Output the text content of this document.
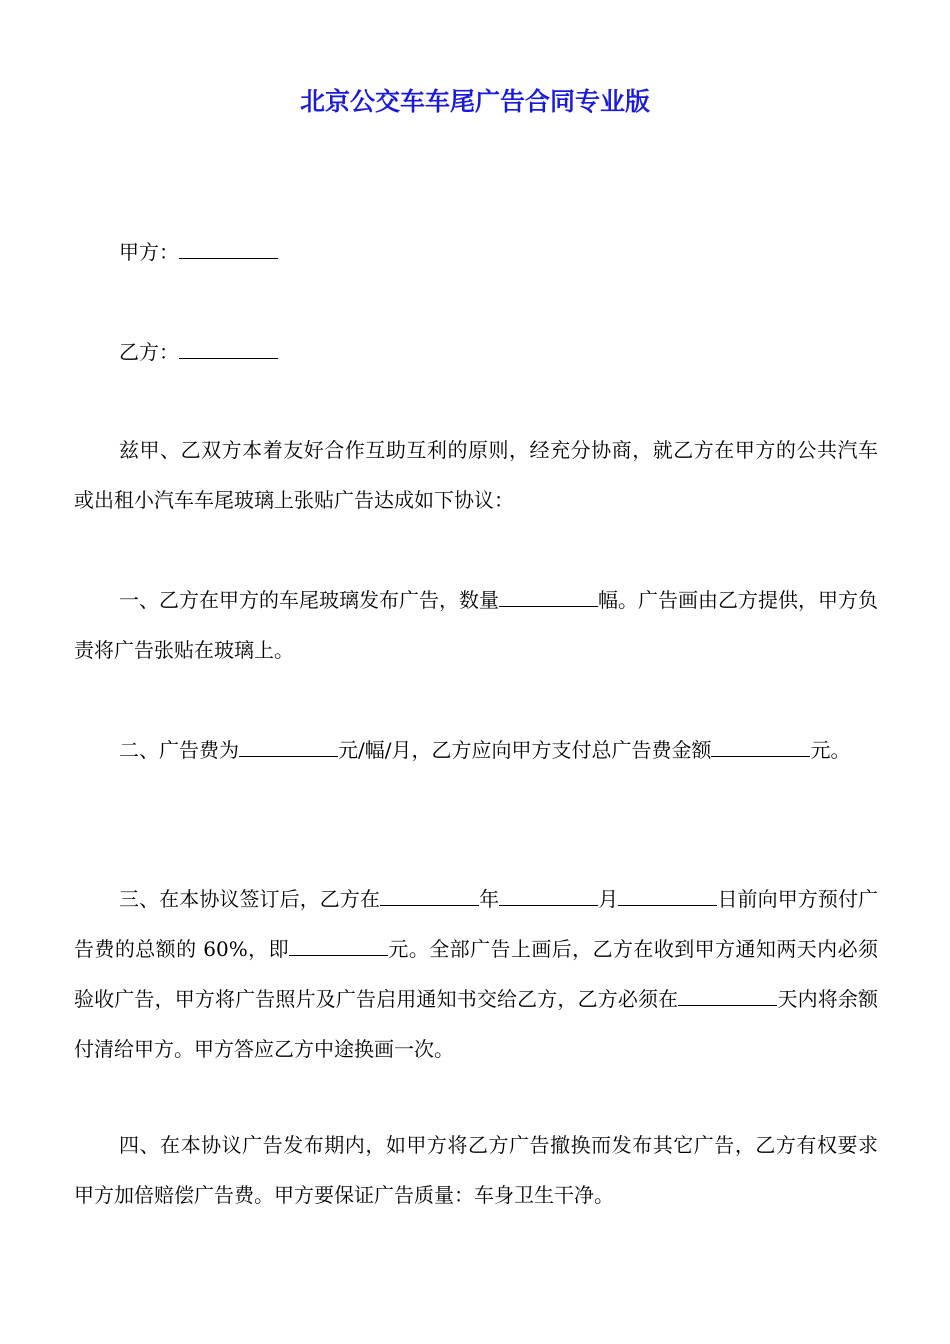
北京公交车车尾广告合同专业版

甲方：

乙方：

兹甲、乙双方本着友好合作互助互利的原则，经充分协商，就乙方在甲方的公共汽车或出租小汽车车尾玻璃上张贴广告达成如下协议：

一、乙方在甲方的车尾玻璃发布广告，数量	幅。广告画由乙方提供，甲方负责将广告张贴在玻璃上。

二、广告费为	元/幅/月，乙方应向甲方支付总广告费金额	元。

三、在本协议签订后，乙方在	年	月	日前向甲方预付广告费的总额的 60%，即	元。全部广告上画后，乙方在收到甲方通知两天内必须验收广告，甲方将广告照片及广告启用通知书交给乙方，乙方必须在	天内将余额付清给甲方。甲方答应乙方中途换画一次。

四、在本协议广告发布期内，如甲方将乙方广告撤换而发布其它广告，乙方有权要求甲方加倍赔偿广告费。甲方要保证广告质量：车身卫生干净。
